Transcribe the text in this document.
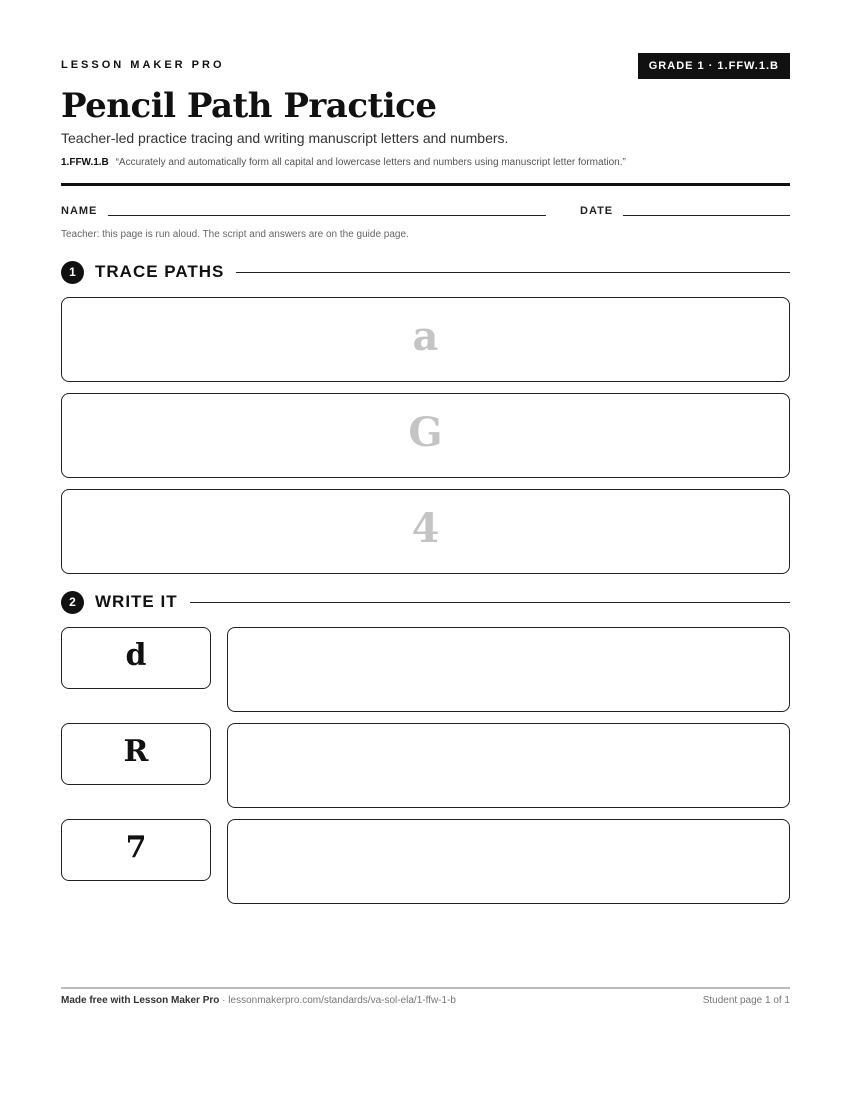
LESSON MAKER PRO	GRADE 1 · 1.FFW.1.B
Pencil Path Practice
Teacher-led practice tracing and writing manuscript letters and numbers.
1.FFW.1.B “Accurately and automatically form all capital and lowercase letters and numbers using manuscript letter formation.”
NAME	DATE
Teacher: this page is run aloud. The script and answers are on the guide page.
1	TRACE PATHS
a
G
4
2	WRITE IT
d
R
7
Made free with Lesson Maker Pro · lessonmakerpro.com/standards/va-sol-ela/1-ffw-1-b	Student page 1 of 1
